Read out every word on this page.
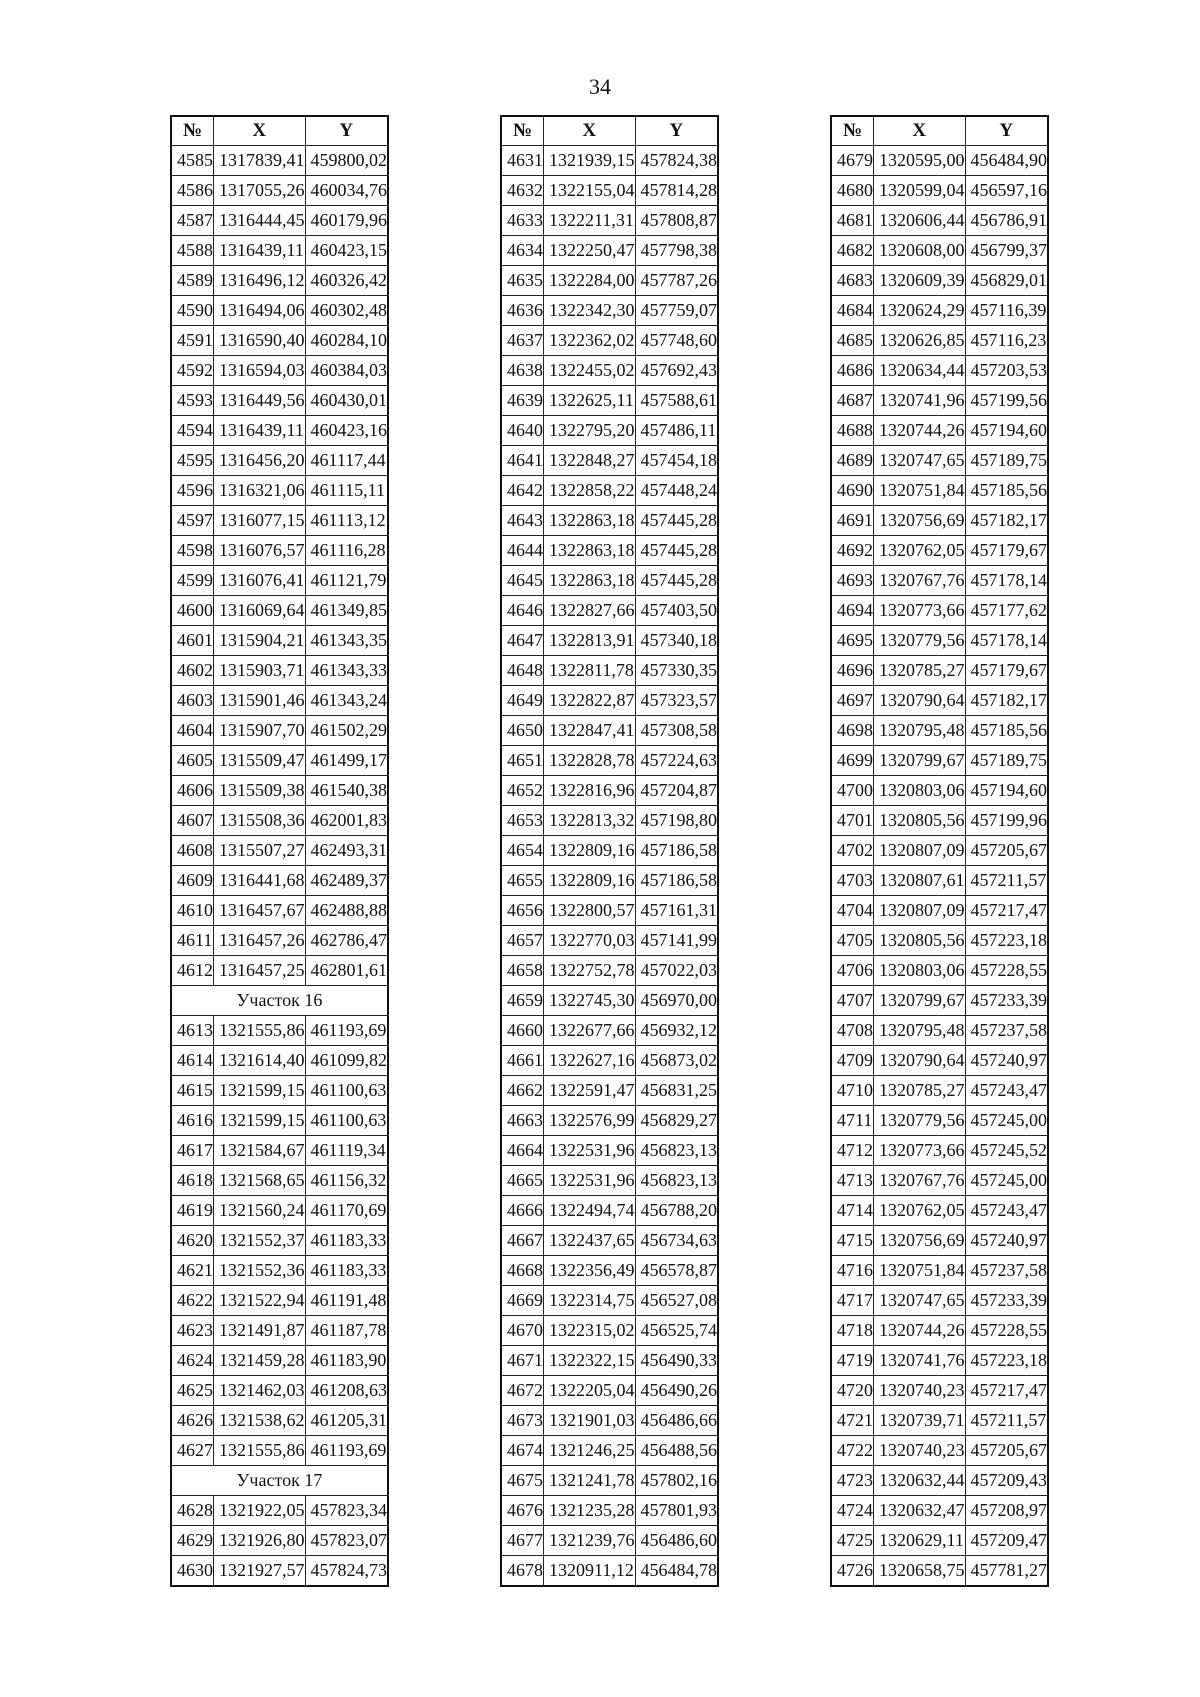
34
№	X	Y
4585	1317839,41	459800,02
4586	1317055,26	460034,76
4587	1316444,45	460179,96
4588	1316439,11	460423,15
4589	1316496,12	460326,42
4590	1316494,06	460302,48
4591	1316590,40	460284,10
4592	1316594,03	460384,03
4593	1316449,56	460430,01
4594	1316439,11	460423,16
4595	1316456,20	461117,44
4596	1316321,06	461115,11
4597	1316077,15	461113,12
4598	1316076,57	461116,28
4599	1316076,41	461121,79
4600	1316069,64	461349,85
4601	1315904,21	461343,35
4602	1315903,71	461343,33
4603	1315901,46	461343,24
4604	1315907,70	461502,29
4605	1315509,47	461499,17
4606	1315509,38	461540,38
4607	1315508,36	462001,83
4608	1315507,27	462493,31
4609	1316441,68	462489,37
4610	1316457,67	462488,88
4611	1316457,26	462786,47
4612	1316457,25	462801,61
Участок 16		
4613	1321555,86	461193,69
4614	1321614,40	461099,82
4615	1321599,15	461100,63
4616	1321599,15	461100,63
4617	1321584,67	461119,34
4618	1321568,65	461156,32
4619	1321560,24	461170,69
4620	1321552,37	461183,33
4621	1321552,36	461183,33
4622	1321522,94	461191,48
4623	1321491,87	461187,78
4624	1321459,28	461183,90
4625	1321462,03	461208,63
4626	1321538,62	461205,31
4627	1321555,86	461193,69
Участок 17		
4628	1321922,05	457823,34
4629	1321926,80	457823,07
4630	1321927,57	457824,73
№	X	Y
4631	1321939,15	457824,38
4632	1322155,04	457814,28
4633	1322211,31	457808,87
4634	1322250,47	457798,38
4635	1322284,00	457787,26
4636	1322342,30	457759,07
4637	1322362,02	457748,60
4638	1322455,02	457692,43
4639	1322625,11	457588,61
4640	1322795,20	457486,11
4641	1322848,27	457454,18
4642	1322858,22	457448,24
4643	1322863,18	457445,28
4644	1322863,18	457445,28
4645	1322863,18	457445,28
4646	1322827,66	457403,50
4647	1322813,91	457340,18
4648	1322811,78	457330,35
4649	1322822,87	457323,57
4650	1322847,41	457308,58
4651	1322828,78	457224,63
4652	1322816,96	457204,87
4653	1322813,32	457198,80
4654	1322809,16	457186,58
4655	1322809,16	457186,58
4656	1322800,57	457161,31
4657	1322770,03	457141,99
4658	1322752,78	457022,03
4659	1322745,30	456970,00
4660	1322677,66	456932,12
4661	1322627,16	456873,02
4662	1322591,47	456831,25
4663	1322576,99	456829,27
4664	1322531,96	456823,13
4665	1322531,96	456823,13
4666	1322494,74	456788,20
4667	1322437,65	456734,63
4668	1322356,49	456578,87
4669	1322314,75	456527,08
4670	1322315,02	456525,74
4671	1322322,15	456490,33
4672	1322205,04	456490,26
4673	1321901,03	456486,66
4674	1321246,25	456488,56
4675	1321241,78	457802,16
4676	1321235,28	457801,93
4677	1321239,76	456486,60
4678	1320911,12	456484,78
№	X	Y
4679	1320595,00	456484,90
4680	1320599,04	456597,16
4681	1320606,44	456786,91
4682	1320608,00	456799,37
4683	1320609,39	456829,01
4684	1320624,29	457116,39
4685	1320626,85	457116,23
4686	1320634,44	457203,53
4687	1320741,96	457199,56
4688	1320744,26	457194,60
4689	1320747,65	457189,75
4690	1320751,84	457185,56
4691	1320756,69	457182,17
4692	1320762,05	457179,67
4693	1320767,76	457178,14
4694	1320773,66	457177,62
4695	1320779,56	457178,14
4696	1320785,27	457179,67
4697	1320790,64	457182,17
4698	1320795,48	457185,56
4699	1320799,67	457189,75
4700	1320803,06	457194,60
4701	1320805,56	457199,96
4702	1320807,09	457205,67
4703	1320807,61	457211,57
4704	1320807,09	457217,47
4705	1320805,56	457223,18
4706	1320803,06	457228,55
4707	1320799,67	457233,39
4708	1320795,48	457237,58
4709	1320790,64	457240,97
4710	1320785,27	457243,47
4711	1320779,56	457245,00
4712	1320773,66	457245,52
4713	1320767,76	457245,00
4714	1320762,05	457243,47
4715	1320756,69	457240,97
4716	1320751,84	457237,58
4717	1320747,65	457233,39
4718	1320744,26	457228,55
4719	1320741,76	457223,18
4720	1320740,23	457217,47
4721	1320739,71	457211,57
4722	1320740,23	457205,67
4723	1320632,44	457209,43
4724	1320632,47	457208,97
4725	1320629,11	457209,47
4726	1320658,75	457781,27
